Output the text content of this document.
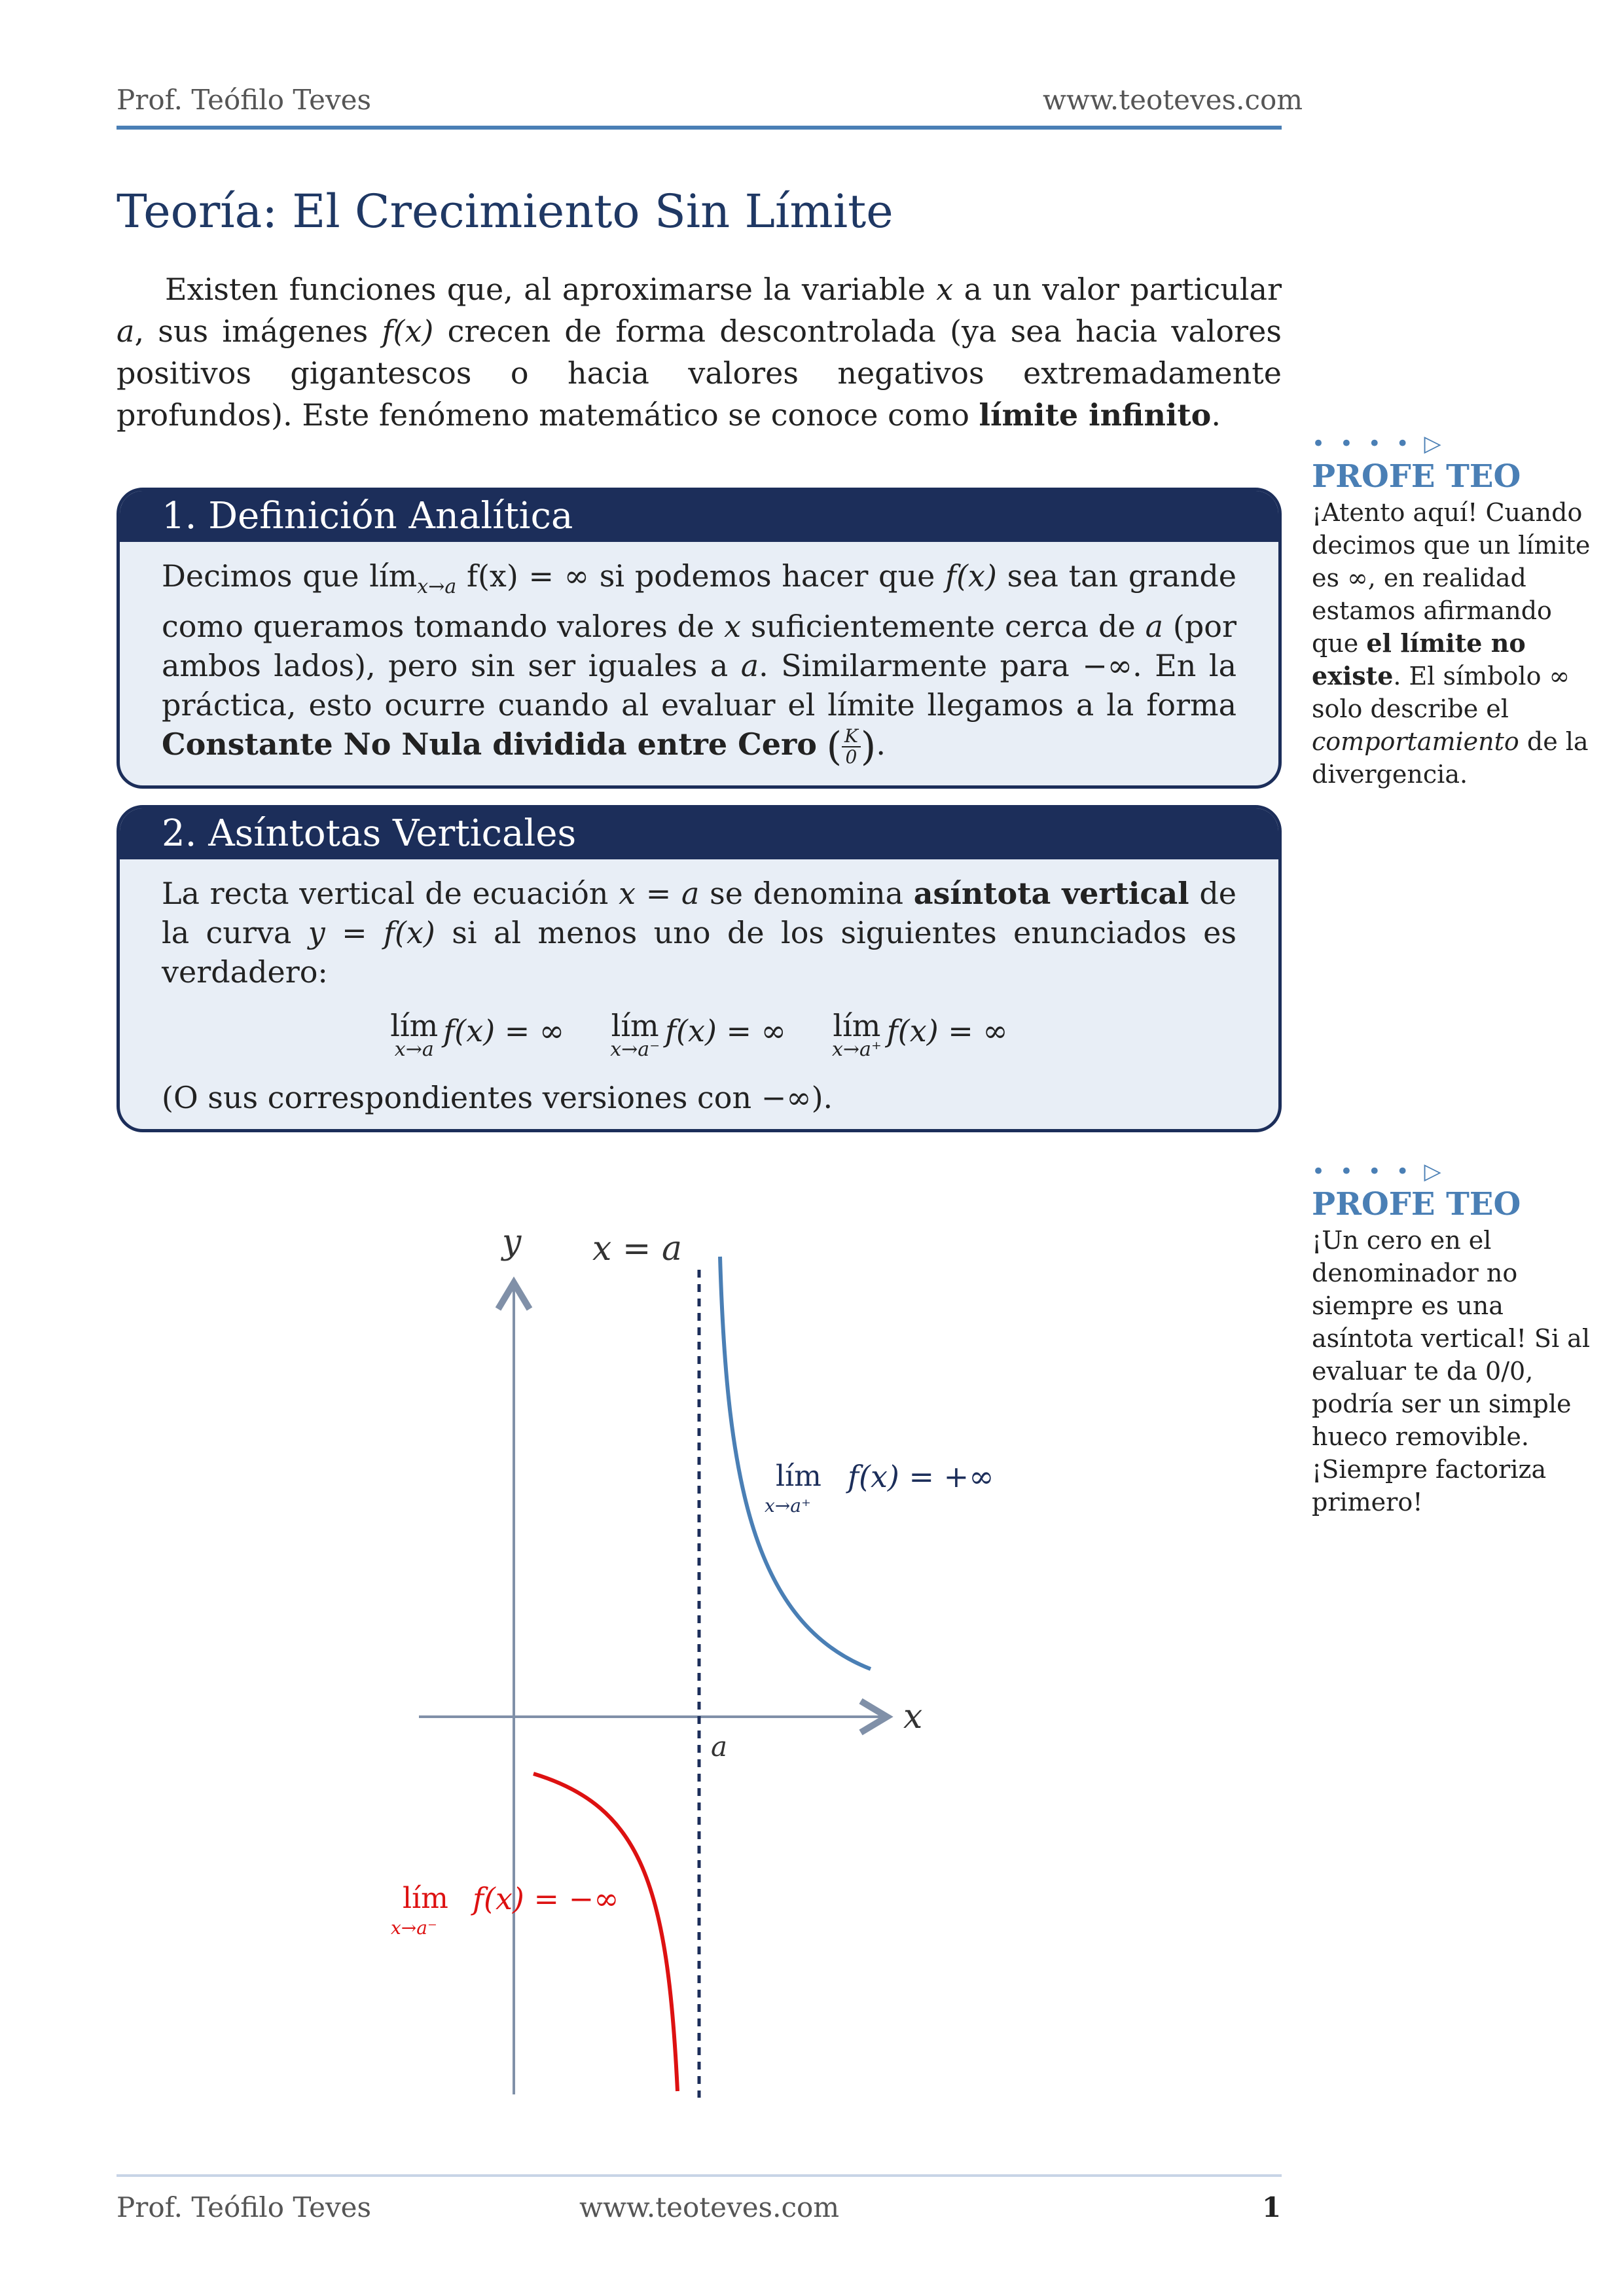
Prof. Teófilo Teves	www.teoteves.com
Teoría: El Crecimiento Sin Límite

Existen funciones que, al aproximarse la variable x a un valor particular a, sus imágenes f(x) crecen de forma descontrolada (ya sea hacia valores positivos gigantescos o hacia valores negativos extremadamente profundos). Este fenómeno matemático se conoce como límite infinito.

1. Definición Analítica
Decimos que lím$_{x\to a}$ f(x) = ∞ si podemos hacer que f(x) sea tan grande como queramos tomando valores de x suficientemente cerca de a (por ambos lados), pero sin ser iguales a a. Similarmente para −∞. En la práctica, esto ocurre cuando al evaluar el límite llegamos a la forma Constante No Nula dividida entre Cero ( $\frac{K}{0}$ ).
2. Asíntotas Verticales
La recta vertical de ecuación x = a se denomina asíntota vertical de la curva y = f(x) si al menos uno de los siguientes enunciados es verdadero:
lím
x→a
f(x) = ∞ lím
x→a⁻
f(x) = ∞ lím
x→a⁺
f(x) = ∞
(O sus correspondientes versiones con −∞).
• • • • ▷
PROFE TEO
¡Atento aquí! Cuando decimos que un límite es ∞, en realidad estamos afirmando que el límite no existe. El símbolo ∞ solo describe el comportamiento de la divergencia.
• • • • ▷
PROFE TEO
¡Un cero en el denominador no siempre es una asíntota vertical! Si al evaluar te da 0/0, podría ser un simple hueco removible. ¡Siempre factoriza primero!
y x = a
x
a
lím
x→a⁺
f(x) = +∞
lím
x→a⁻
f(x) = −∞
Prof. Teófilo Teves	www.teoteves.com	1
